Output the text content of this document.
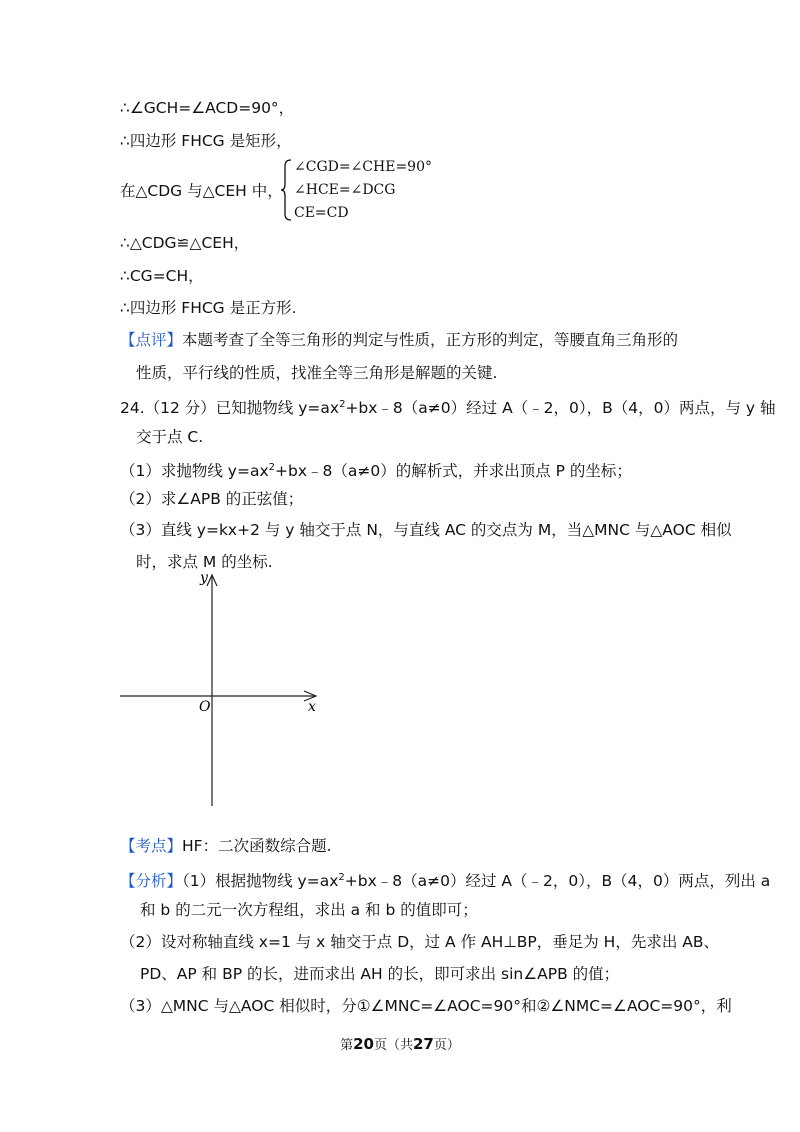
∴∠GCH=∠ACD=90°，
∴四边形 FHCG 是矩形，
在△CDG 与△CEH 中，
∠CGD=∠CHE=90°
∠HCE=∠DCG
CE=CD
∴△CDG≌△CEH，
∴CG=CH，
∴四边形 FHCG 是正方形.
【点评】本题考查了全等三角形的判定与性质，正方形的判定，等腰直角三角形的
性质，平行线的性质，找准全等三角形是解题的关键.
24.（12 分）已知抛物线 $y=ax^2+bx﹣8(a\ne 0)$经过 A（﹣2，0），B（4，0）两点，与 y 轴
交于点 C.
（1）求抛物线 $y=ax^2+bx﹣8(a\ne 0)$的解析式，并求出顶点 P 的坐标；
（2）求∠APB 的正弦值；
（3）直线 y=kx+2 与 y 轴交于点 N，与直线 AC 的交点为 M，当△MNC 与△AOC 相似
时，求点 M 的坐标.
y
x
O
【考点】HF：二次函数综合题.
【分析】（1）根据抛物线 $y=ax^2+bx﹣8(a\ne 0)$经过 A（﹣2，0），B（4，0）两点，列出 a
和 b 的二元一次方程组，求出 a 和 b 的值即可；
（2）设对称轴直线 x=1 与 x 轴交于点 D，过 A 作 AH⊥BP，垂足为 H，先求出 AB、
PD、AP 和 BP 的长，进而求出 AH 的长，即可求出 sin∠APB 的值；
（3）△MNC 与△AOC 相似时，分①∠MNC=∠AOC=90°和②∠NMC=∠AOC=90°，利
第20页（共27页）
